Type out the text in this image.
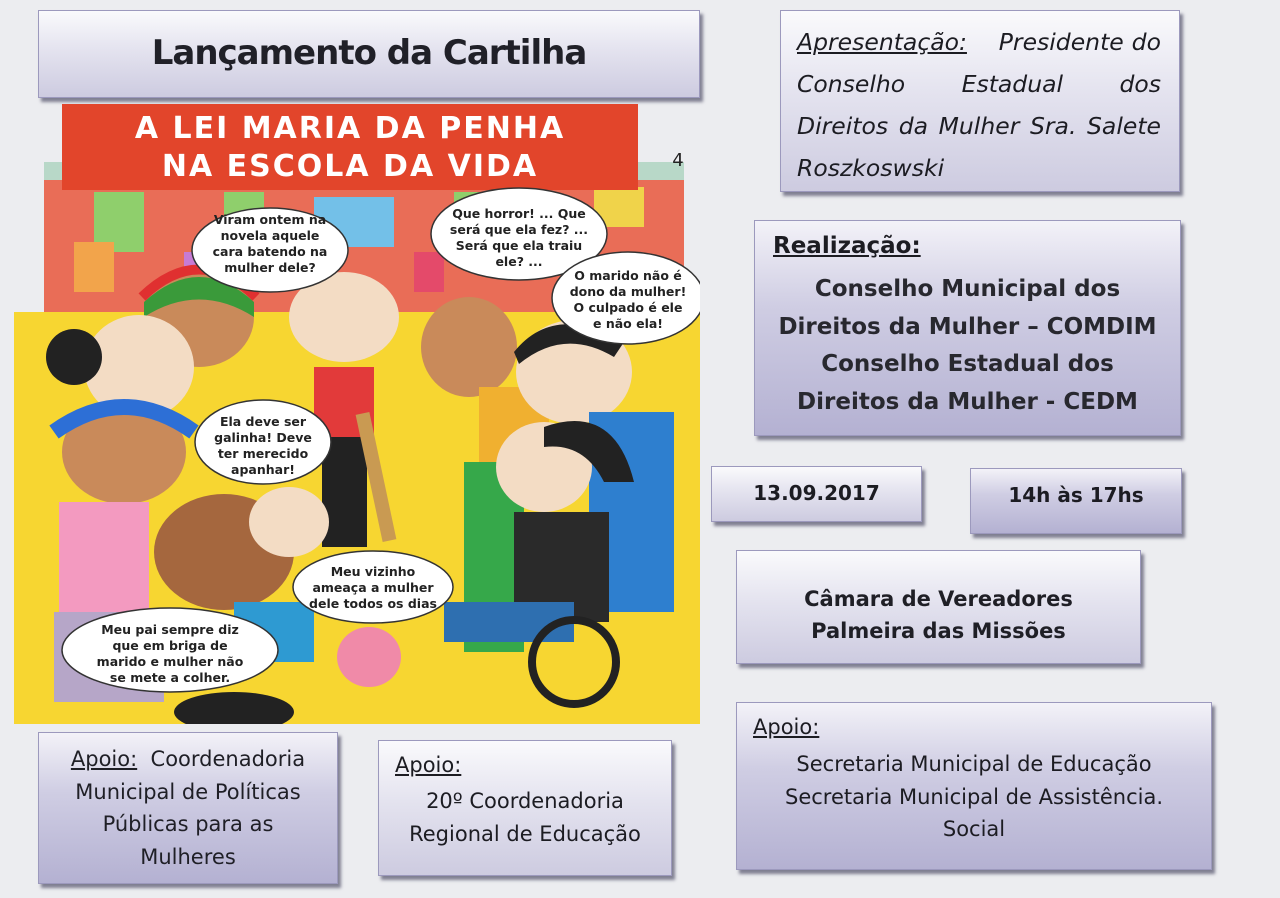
Lançamento da Cartilha
A LEI MARIA DA PENHA
NA ESCOLA DA VIDA	4
Viram ontem na
novela aquele
cara batendo na
mulher dele?
Que horror! ... Que
será que ela fez? ...
Será que ela traiu
ele? ...
O marido não é
dono da mulher!
O culpado é ele
e não ela!
Ela deve ser
galinha! Deve
ter merecido
apanhar!
Meu vizinho
ameaça a mulher
dele todos os dias
Meu pai sempre diz
que em briga de
marido e mulher não
se mete a colher.
Apresentação: Presidente do Conselho Estadual dos Direitos da Mulher Sra. Salete Roszkoswski
Realização:
Conselho Municipal dos
Direitos da Mulher – COMDIM
Conselho Estadual dos
Direitos da Mulher - CEDM
13.09.2017	14h às 17hs
Câmara de Vereadores
Palmeira das Missões
Apoio: Coordenadoria
Municipal de Políticas
Públicas para as
Mulheres
Apoio:
20º Coordenadoria
Regional de Educação
Apoio:
Secretaria Municipal de Educação
Secretaria Municipal de Assistência.
Social
